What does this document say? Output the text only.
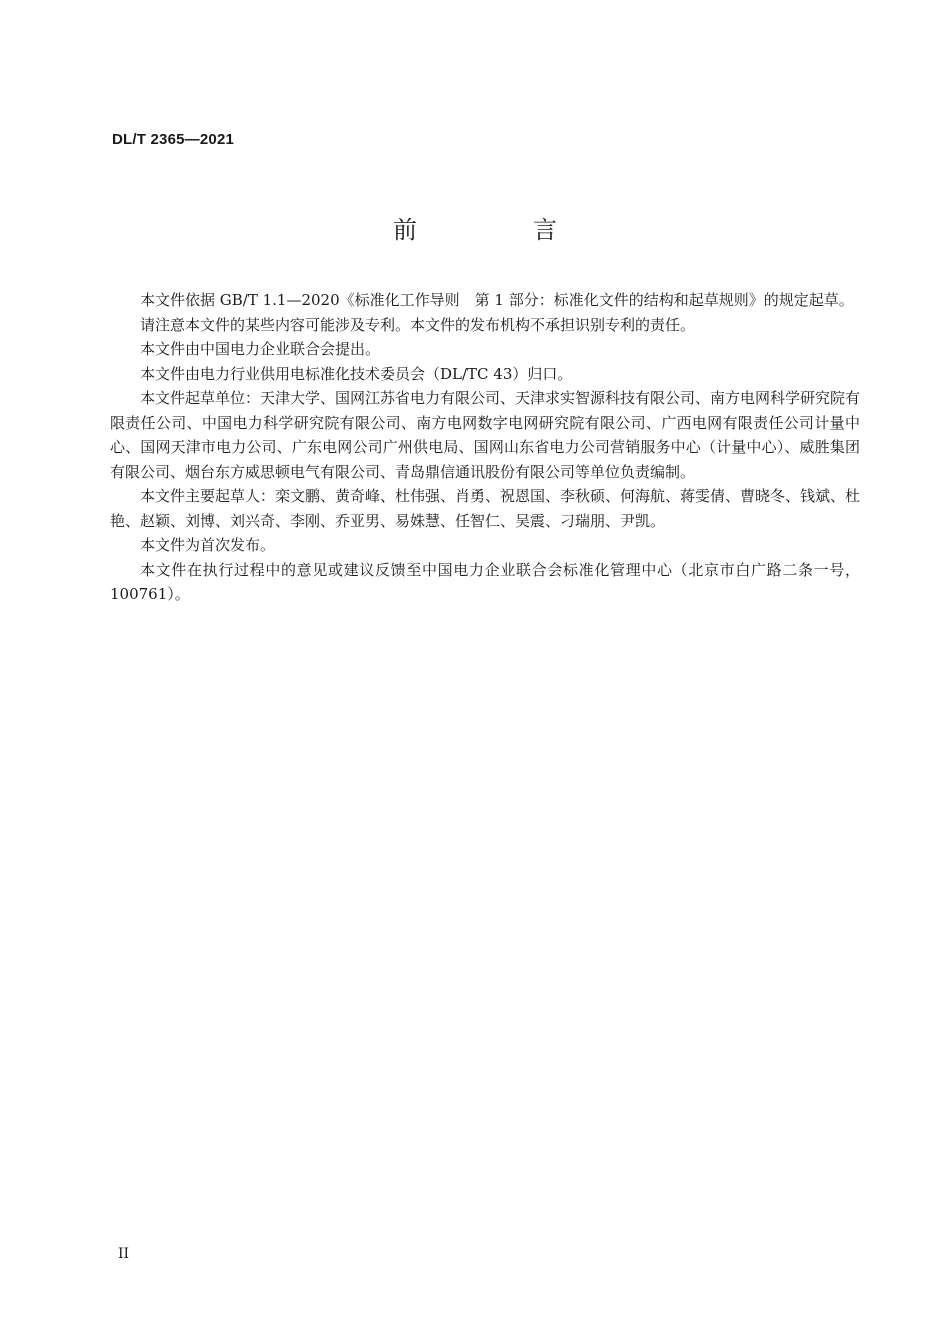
DL/T 2365—2021
前　言

本文件依据 GB/T 1.1—2020《标准化工作导则　第 1 部分：标准化文件的结构和起草规则》的规定起草。

请注意本文件的某些内容可能涉及专利。本文件的发布机构不承担识别专利的责任。

本文件由中国电力企业联合会提出。

本文件由电力行业供用电标准化技术委员会（DL/TC 43）归口。

本文件起草单位：天津大学、国网江苏省电力有限公司、天津求实智源科技有限公司、南方电网科学研究院有限责任公司、中国电力科学研究院有限公司、南方电网数字电网研究院有限公司、广西电网有限责任公司计量中心、国网天津市电力公司、广东电网公司广州供电局、国网山东省电力公司营销服务中心（计量中心）、威胜集团有限公司、烟台东方威思顿电气有限公司、青岛鼎信通讯股份有限公司等单位负责编制。

本文件主要起草人：栾文鹏、黄奇峰、杜伟强、肖勇、祝恩国、李秋硕、何海航、蒋雯倩、曹晓冬、钱斌、杜艳、赵颖、刘博、刘兴奇、李刚、乔亚男、易姝慧、任智仁、吴震、刁瑞朋、尹凯。

本文件为首次发布。

本文件在执行过程中的意见或建议反馈至中国电力企业联合会标准化管理中心（北京市白广路二条一号，100761）。

II
